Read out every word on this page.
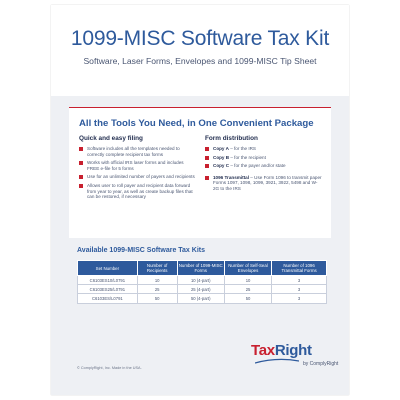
1099-MISC Software Tax Kit
Software, Laser Forms, Envelopes and 1099-MISC Tip Sheet
All the Tools You Need, in One Convenient Package
Quick and easy filing
Software includes all the templates needed to correctly complete recipient tax forms
Works with official IRS laser forms and includes FREE e-file for 5 forms
Use for an unlimited number of payers and recipients
Allows user to roll payer and recipient data forward from year to year, as well as create backup files that can be restored, if necessary
Form distribution
Copy A – for the IRS
Copy B – for the recipient
Copy C – for the payer and/or state
1096 Transmittal – Use Form 1096 to transmit paper Forms 1097, 1098, 1099, 3921, 3922, 5498 and W-2G to the IRS
Available 1099-MISC Software Tax Kits
Set Number	Number of Recipients	Number of 1099-MISC Forms	Number of Self-Seal Envelopes	Number of 1096 Transmittal Forms
C6103ES10/L0791	10	10 (4-part)	10	3
C6103ES25/L0791	25	25 (4-part)	25	3
C6103ES/L0791	50	50 (4-part)	50	3
TaxRight
by ComplyRight
© ComplyRight, Inc. Made in the USA.
